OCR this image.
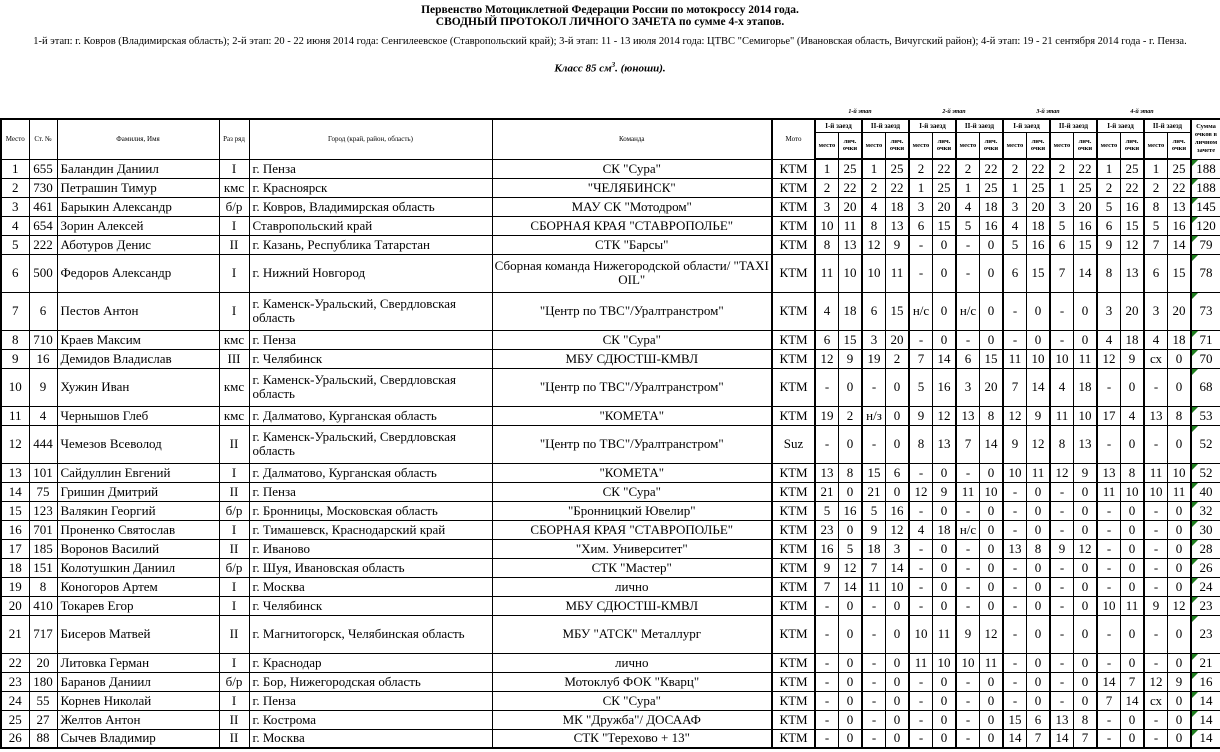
Первенство Мотоциклетной Федерации России по мотокроссу 2014 года.
СВОДНЫЙ ПРОТОКОЛ ЛИЧНОГО ЗАЧЕТА по сумме 4-х этапов.
1-й этап: г. Ковров (Владимирская область); 2-й этап: 20 - 22 июня 2014 года: Сенгилеевское (Ставропольский край); 3-й этап: 11 - 13 июля 2014 года: ЦТВС "Семигорье" (Ивановская область, Вичугский район); 4-й этап: 19 - 21 сентября 2014 года - г. Пенза.
Класс 85 $см^3$. (юноши).
1-й этап	2-й этап	3-й этап	4-й этап
Место	Ст. №	Фамилия, Имя	Раз ряд	Город (край, район, область)	Команда	Мото	I-й заезд		II-й заезд		I-й заезд		II-й заезд		I-й заезд		II-й заезд		I-й заезд		II-й заезд		Сумма очков в личном зачете
							место	лич. очки	место	лич. очки	место	лич. очки	место	лич. очки	место	лич. очки	место	лич. очки	место	лич. очки	место	лич. очки	
1	655	Баландин Даниил	I	г. Пенза	СК "Сура"	КТМ	1	25	1	25	2	22	2	22	2	22	2	22	1	25	1	25	188
2	730	Петрашин Тимур	кмс	г. Красноярск	"ЧЕЛЯБИНСК"	КТМ	2	22	2	22	1	25	1	25	1	25	1	25	2	22	2	22	188
3	461	Барыкин Александр	б/р	г. Ковров, Владимирская область	МАУ СК "Мотодром"	КТМ	3	20	4	18	3	20	4	18	3	20	3	20	5	16	8	13	145
4	654	Зорин Алексей	I	Ставропольский край	СБОРНАЯ КРАЯ "СТАВРОПОЛЬЕ"	КТМ	10	11	8	13	6	15	5	16	4	18	5	16	6	15	5	16	120
5	222	Аботуров Денис	II	г. Казань, Республика Татарстан	СТК "Барсы"	КТМ	8	13	12	9	-	0	-	0	5	16	6	15	9	12	7	14	79
6	500	Федоров Александр	I	г. Нижний Новгород	Сборная команда Нижегородской области/ "TAXI OIL"	КТМ	11	10	10	11	-	0	-	0	6	15	7	14	8	13	6	15	78
7	6	Пестов Антон	I	г. Каменск-Уральский, Свердловская область	"Центр по ТВС"/Уралтранстром"	КТМ	4	18	6	15	н/с	0	н/с	0	-	0	-	0	3	20	3	20	73
8	710	Краев Максим	кмс	г. Пенза	СК "Сура"	КТМ	6	15	3	20	-	0	-	0	-	0	-	0	4	18	4	18	71
9	16	Демидов Владислав	III	г. Челябинск	МБУ СДЮСТШ-КМВЛ	КТМ	12	9	19	2	7	14	6	15	11	10	10	11	12	9	сх	0	70
10	9	Хужин Иван	кмс	г. Каменск-Уральский, Свердловская область	"Центр по ТВС"/Уралтранстром"	КТМ	-	0	-	0	5	16	3	20	7	14	4	18	-	0	-	0	68
11	4	Чернышов Глеб	кмс	г. Далматово, Курганская область	"КОМЕТА"	КТМ	19	2	н/з	0	9	12	13	8	12	9	11	10	17	4	13	8	53
12	444	Чемезов Всеволод	II	г. Каменск-Уральский, Свердловская область	"Центр по ТВС"/Уралтранстром"	Suz	-	0	-	0	8	13	7	14	9	12	8	13	-	0	-	0	52
13	101	Сайдуллин Евгений	I	г. Далматово, Курганская область	"КОМЕТА"	КТМ	13	8	15	6	-	0	-	0	10	11	12	9	13	8	11	10	52
14	75	Гришин Дмитрий	II	г. Пенза	СК "Сура"	КТМ	21	0	21	0	12	9	11	10	-	0	-	0	11	10	10	11	40
15	123	Валякин Георгий	б/р	г. Бронницы, Московская область	"Бронницкий Ювелир"	КТМ	5	16	5	16	-	0	-	0	-	0	-	0	-	0	-	0	32
16	701	Проненко Святослав	I	г. Тимашевск, Краснодарский край	СБОРНАЯ КРАЯ "СТАВРОПОЛЬЕ"	КТМ	23	0	9	12	4	18	н/с	0	-	0	-	0	-	0	-	0	30
17	185	Воронов Василий	II	г. Иваново	"Хим. Университет"	КТМ	16	5	18	3	-	0	-	0	13	8	9	12	-	0	-	0	28
18	151	Колотушкин Даниил	б/р	г. Шуя, Ивановская область	СТК "Мастер"	КТМ	9	12	7	14	-	0	-	0	-	0	-	0	-	0	-	0	26
19	8	Коногоров Артем	I	г. Москва	лично	КТМ	7	14	11	10	-	0	-	0	-	0	-	0	-	0	-	0	24
20	410	Токарев Егор	I	г. Челябинск	МБУ СДЮСТШ-КМВЛ	КТМ	-	0	-	0	-	0	-	0	-	0	-	0	10	11	9	12	23
21	717	Бисеров Матвей	II	г. Магнитогорск, Челябинская область	МБУ "АТСК" Металлург	КТМ	-	0	-	0	10	11	9	12	-	0	-	0	-	0	-	0	23
22	20	Литовка Герман	I	г. Краснодар	лично	КТМ	-	0	-	0	11	10	10	11	-	0	-	0	-	0	-	0	21
23	180	Баранов Даниил	б/р	г. Бор, Нижегородская область	Мотоклуб ФОК "Кварц"	КТМ	-	0	-	0	-	0	-	0	-	0	-	0	14	7	12	9	16
24	55	Корнев Николай	I	г. Пенза	СК "Сура"	КТМ	-	0	-	0	-	0	-	0	-	0	-	0	7	14	сх	0	14
25	27	Желтов Антон	II	г. Кострома	МК "Дружба"/ ДОСААФ	КТМ	-	0	-	0	-	0	-	0	15	6	13	8	-	0	-	0	14
26	88	Сычев Владимир	II	г. Москва	СТК "Терехово + 13"	КТМ	-	0	-	0	-	0	-	0	14	7	14	7	-	0	-	0	14
